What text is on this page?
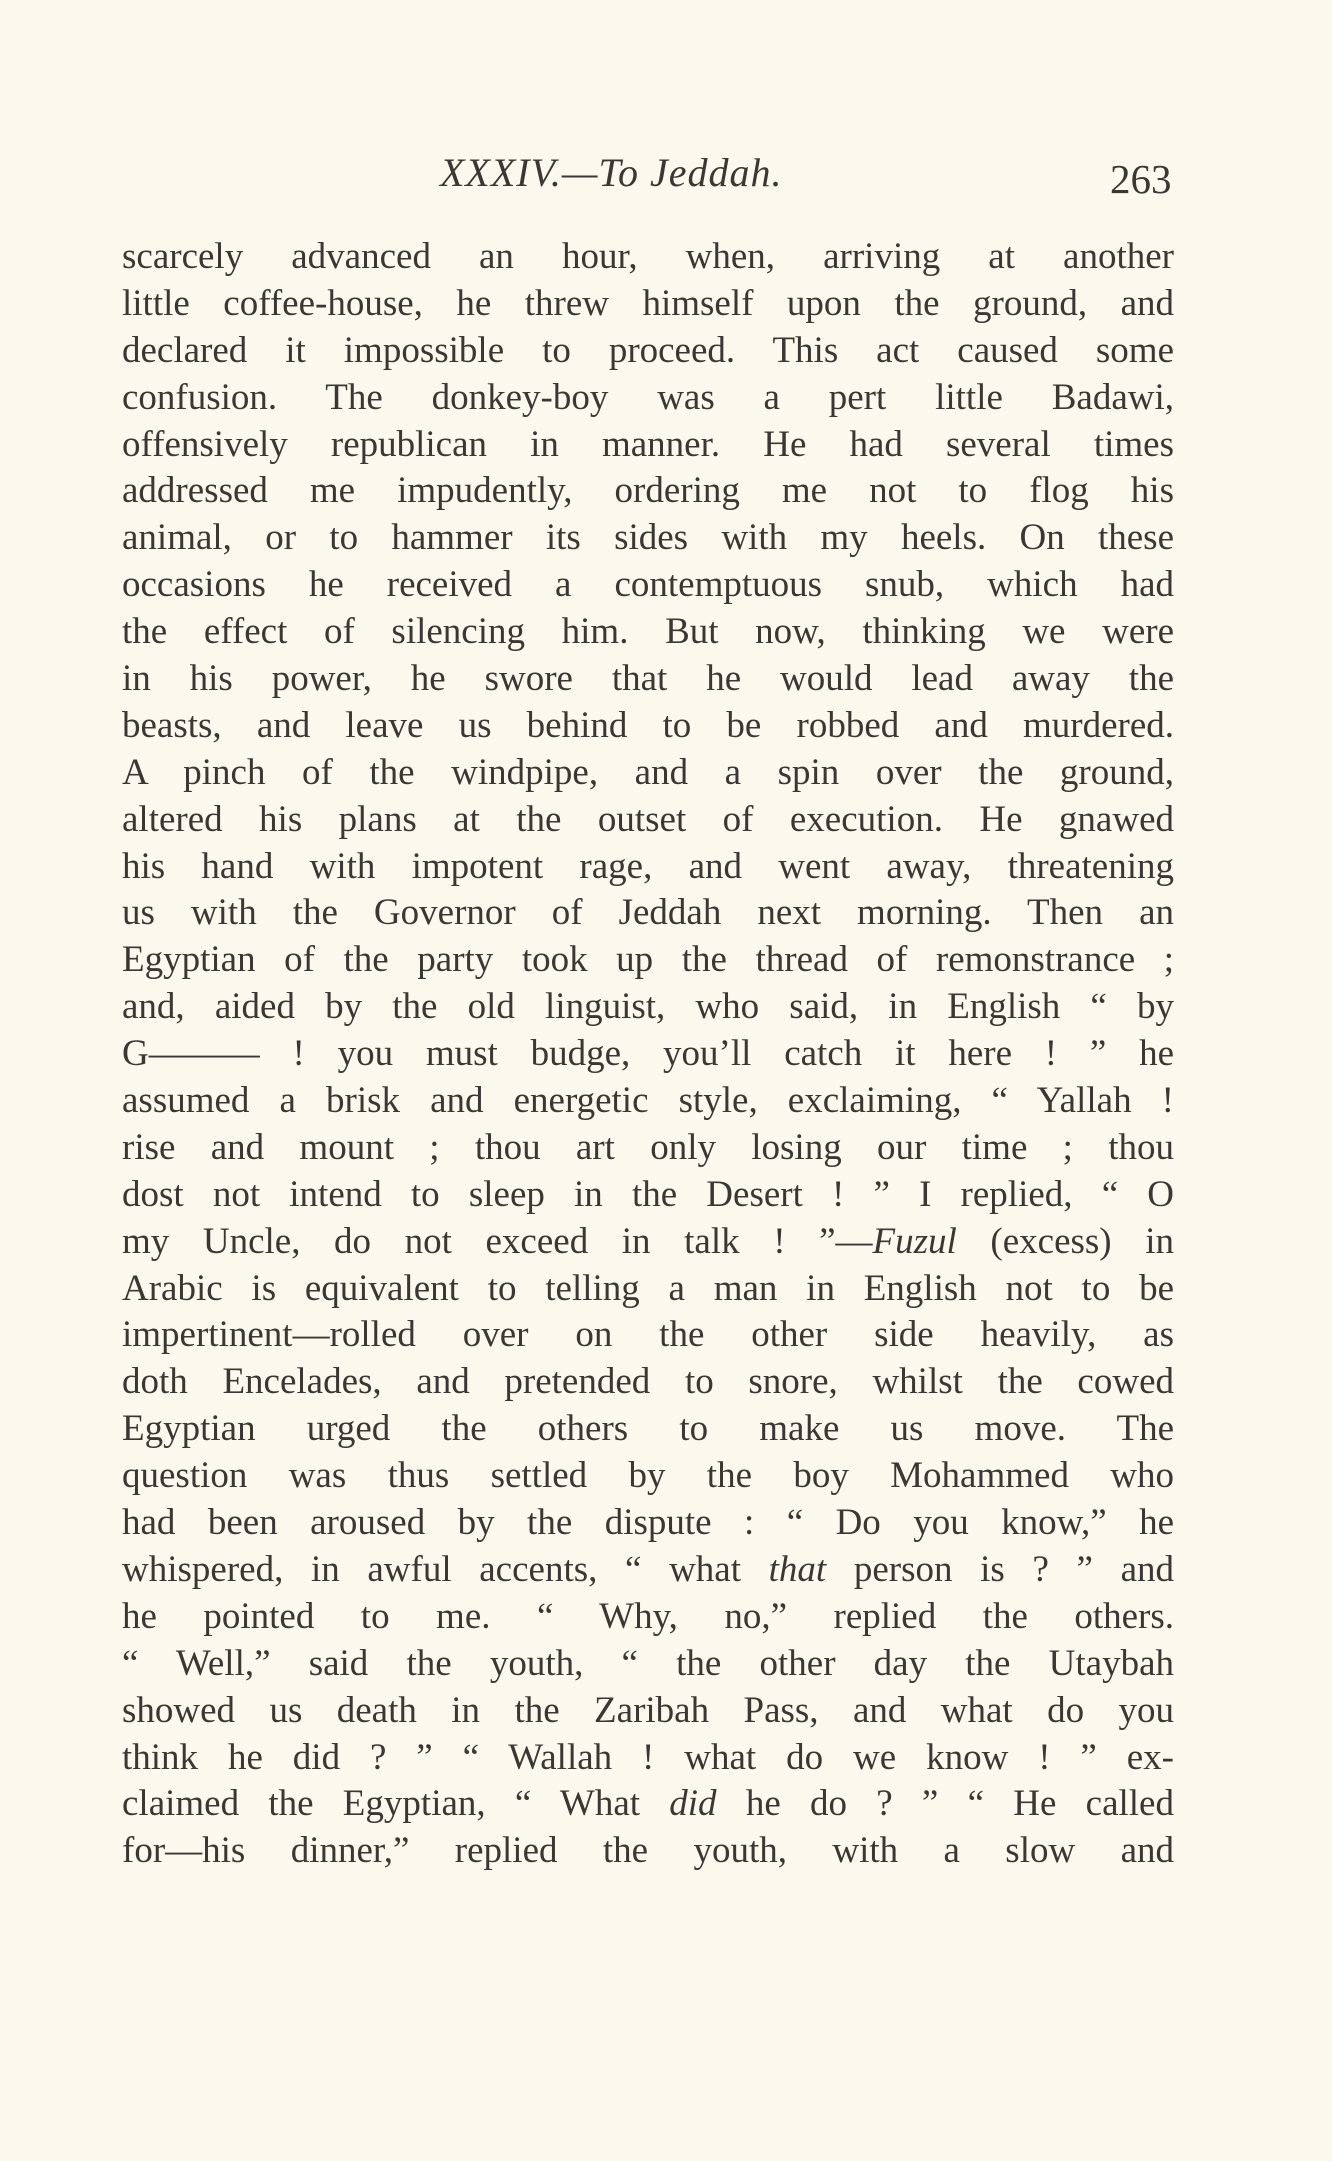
XXXIV.—To Jeddah.	263
scarcely advanced an hour, when, arriving at another
little coffee-house, he threw himself upon the ground, and
declared it impossible to proceed. This act caused some
confusion. The donkey-boy was a pert little Badawi,
offensively republican in manner. He had several times
addressed me impudently, ordering me not to flog his
animal, or to hammer its sides with my heels. On these
occasions he received a contemptuous snub, which had
the effect of silencing him. But now, thinking we were
in his power, he swore that he would lead away the
beasts, and leave us behind to be robbed and murdered.
A pinch of the windpipe, and a spin over the ground,
altered his plans at the outset of execution. He gnawed
his hand with impotent rage, and went away, threatening
us with the Governor of Jeddah next morning. Then an
Egyptian of the party took up the thread of remonstrance ;
and, aided by the old linguist, who said, in English “ by
G——— ! you must budge, you’ll catch it here ! ” he
assumed a brisk and energetic style, exclaiming, “ Yallah !
rise and mount ; thou art only losing our time ; thou
dost not intend to sleep in the Desert ! ” I replied, “ O
my Uncle, do not exceed in talk ! ”—Fuzul (excess) in
Arabic is equivalent to telling a man in English not to be
impertinent—rolled over on the other side heavily, as
doth Encelades, and pretended to snore, whilst the cowed
Egyptian urged the others to make us move. The
question was thus settled by the boy Mohammed who
had been aroused by the dispute : “ Do you know,” he
whispered, in awful accents, “ what that person is ? ” and
he pointed to me. “ Why, no,” replied the others.
“ Well,” said the youth, “ the other day the Utaybah
showed us death in the Zaribah Pass, and what do you
think he did ? ” “ Wallah ! what do we know ! ” ex-
claimed the Egyptian, “ What did he do ? ” “ He called
for—his dinner,” replied the youth, with a slow and
